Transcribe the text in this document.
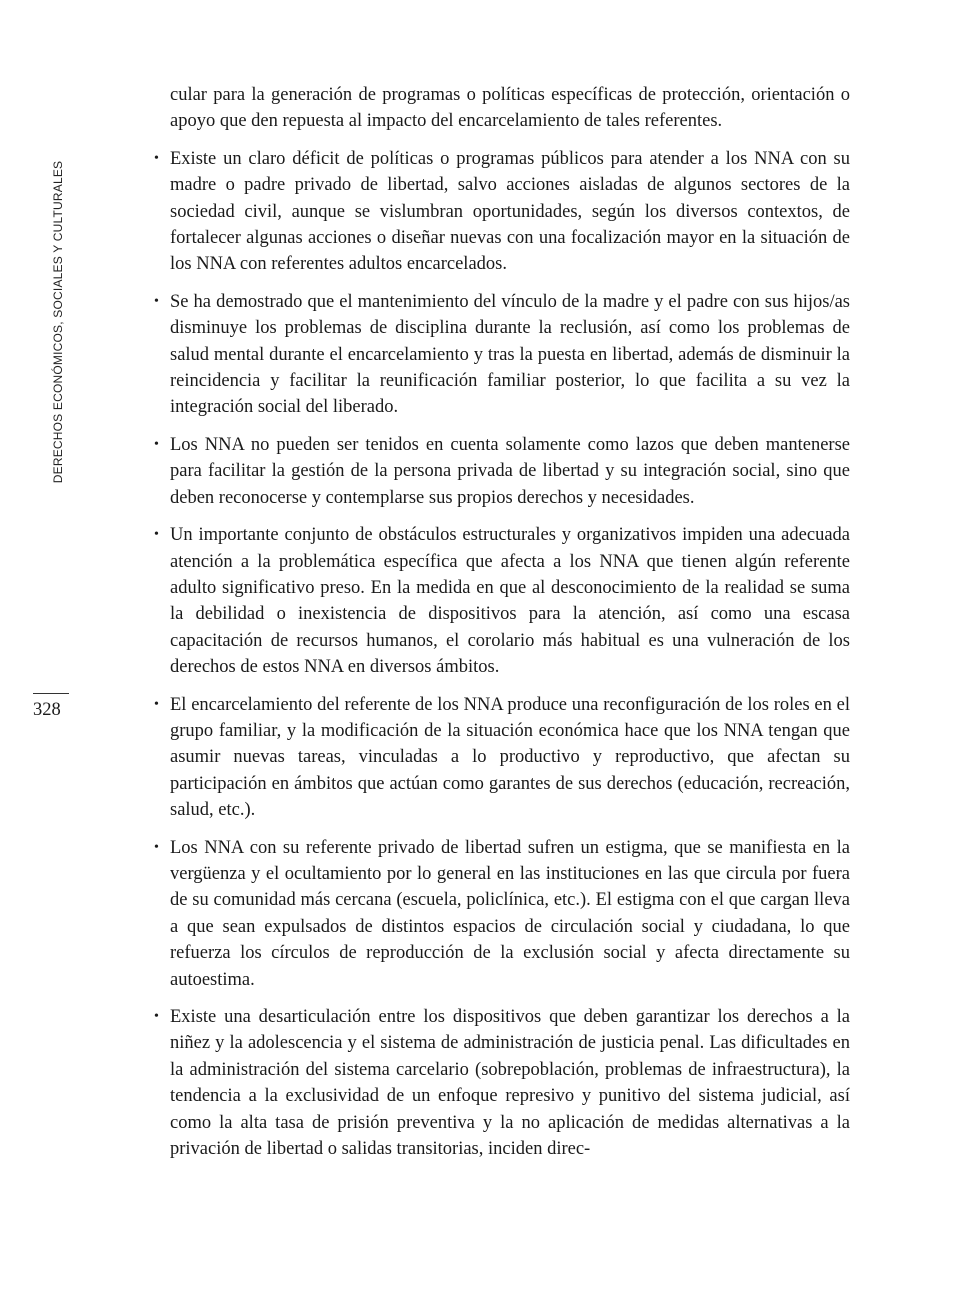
DERECHOS ECONÓMICOS, SOCIALES Y CULTURALES
328

cular para la generación de programas o políticas específicas de protección, orientación o apoyo que den repuesta al impacto del encarcelamiento de tales referentes.

• Existe un claro déficit de políticas o programas públicos para atender a los NNA con su madre o padre privado de libertad, salvo acciones aisladas de algunos sectores de la sociedad civil, aunque se vislumbran oportunidades, según los diversos contextos, de fortalecer algunas acciones o diseñar nuevas con una focalización mayor en la situación de los NNA con referentes adultos encarcelados.
• Se ha demostrado que el mantenimiento del vínculo de la madre y el padre con sus hijos/as disminuye los problemas de disciplina durante la reclusión, así como los problemas de salud mental durante el encarcelamiento y tras la puesta en libertad, además de disminuir la reincidencia y facilitar la reunificación familiar posterior, lo que facilita a su vez la integración social del liberado.
• Los NNA no pueden ser tenidos en cuenta solamente como lazos que deben mantenerse para facilitar la gestión de la persona privada de libertad y su integración social, sino que deben reconocerse y contemplarse sus propios derechos y necesidades.
• Un importante conjunto de obstáculos estructurales y organizativos impiden una adecuada atención a la problemática específica que afecta a los NNA que tienen algún referente adulto significativo preso. En la medida en que al desconocimiento de la realidad se suma la debilidad o inexistencia de dispositivos para la atención, así como una escasa capacitación de recursos humanos, el corolario más habitual es una vulneración de los derechos de estos NNA en diversos ámbitos.
• El encarcelamiento del referente de los NNA produce una reconfiguración de los roles en el grupo familiar, y la modificación de la situación económica hace que los NNA tengan que asumir nuevas tareas, vinculadas a lo productivo y reproductivo, que afectan su participación en ámbitos que actúan como garantes de sus derechos (educación, recreación, salud, etc.).
• Los NNA con su referente privado de libertad sufren un estigma, que se manifiesta en la vergüenza y el ocultamiento por lo general en las instituciones en las que circula por fuera de su comunidad más cercana (escuela, policlínica, etc.). El estigma con el que cargan lleva a que sean expulsados de distintos espacios de circulación social y ciudadana, lo que refuerza los círculos de reproducción de la exclusión social y afecta directamente su autoestima.
• Existe una desarticulación entre los dispositivos que deben garantizar los derechos a la niñez y la adolescencia y el sistema de administración de justicia penal. Las dificultades en la administración del sistema carcelario (sobrepoblación, problemas de infraestructura), la tendencia a la exclusividad de un enfoque represivo y punitivo del sistema judicial, así como la alta tasa de prisión preventiva y la no aplicación de medidas alternativas a la privación de libertad o salidas transitorias, inciden direc-
